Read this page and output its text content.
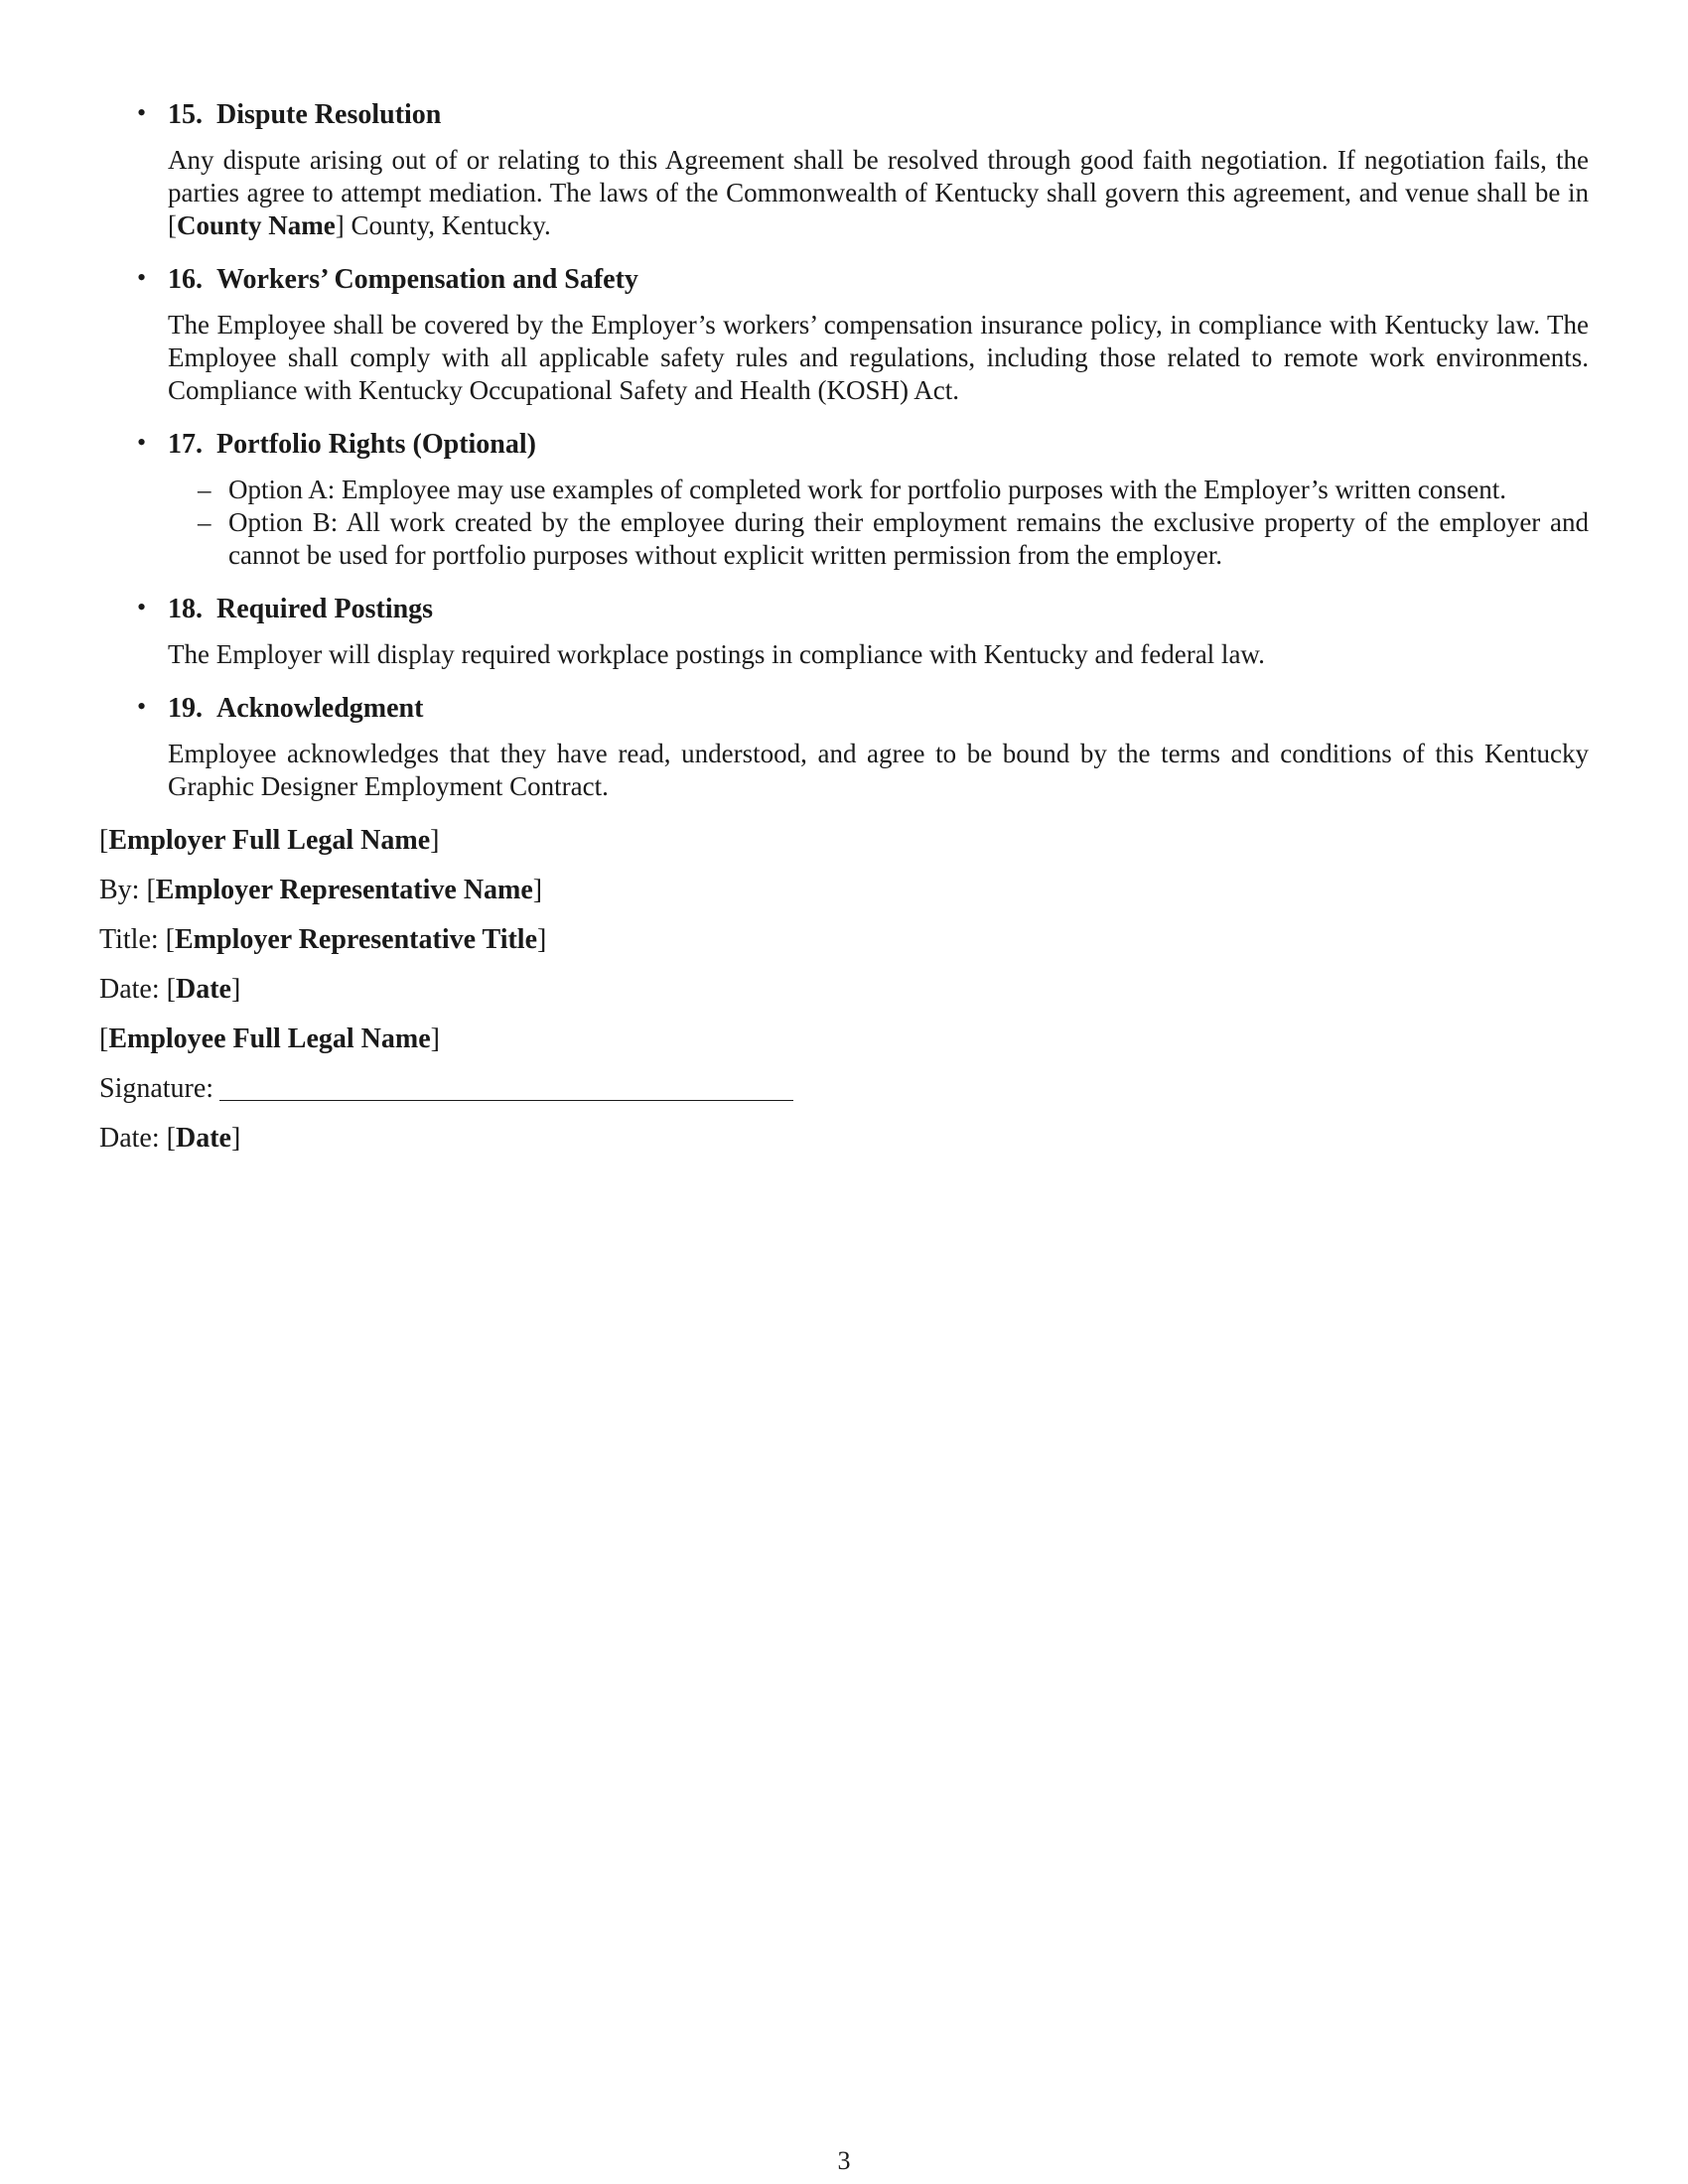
• 15. Dispute Resolution

Any dispute arising out of or relating to this Agreement shall be resolved through good faith negotiation. If negotiation fails, the parties agree to attempt mediation. The laws of the Commonwealth of Kentucky shall govern this agreement, and venue shall be in [County Name] County, Kentucky.

• 16. Workers’ Compensation and Safety

The Employee shall be covered by the Employer’s workers’ compensation insurance policy, in compliance with Kentucky law. The Employee shall comply with all applicable safety rules and regulations, including those related to remote work environments. Compliance with Kentucky Occupational Safety and Health (KOSH) Act.

• 17. Portfolio Rights (Optional)
– Option A: Employee may use examples of completed work for portfolio purposes with the Employer’s written consent.
– Option B: All work created by the employee during their employment remains the exclusive property of the employer and cannot be used for portfolio purposes without explicit written permission from the employer.
• 18. Required Postings

The Employer will display required workplace postings in compliance with Kentucky and federal law.

• 19. Acknowledgment

Employee acknowledges that they have read, understood, and agree to be bound by the terms and conditions of this Kentucky Graphic Designer Employment Contract.

[Employer Full Legal Name]

By: [Employer Representative Name]

Title: [Employer Representative Title]

Date: [Date]

[Employee Full Legal Name]

Signature:

Date: [Date]

3
